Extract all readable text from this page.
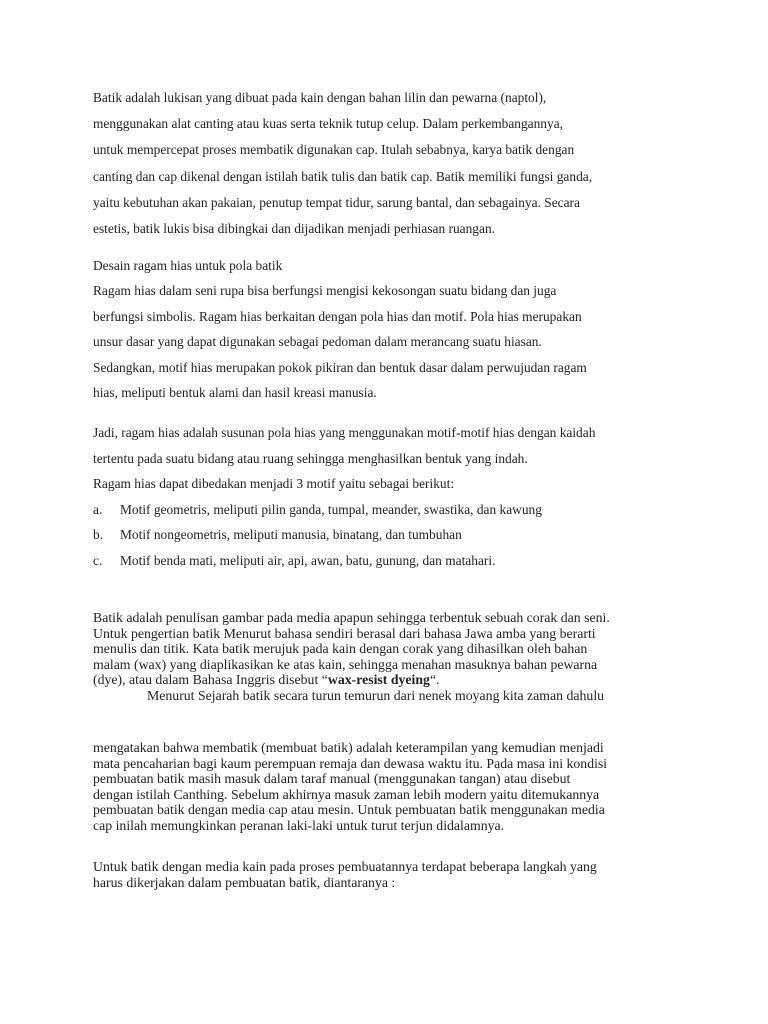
Batik adalah lukisan yang dibuat pada kain dengan bahan lilin dan pewarna (naptol),
menggunakan alat canting atau kuas serta teknik tutup celup. Dalam perkembangannya,
untuk mempercepat proses membatik digunakan cap. Itulah sebabnya, karya batik dengan
canting dan cap dikenal dengan istilah batik tulis dan batik cap. Batik memiliki fungsi ganda,
yaitu kebutuhan akan pakaian, penutup tempat tidur, sarung bantal, dan sebagainya. Secara
estetis, batik lukis bisa dibingkai dan dijadikan menjadi perhiasan ruangan.
Desain ragam hias untuk pola batik
Ragam hias dalam seni rupa bisa berfungsi mengisi kekosongan suatu bidang dan juga
berfungsi simbolis. Ragam hias berkaitan dengan pola hias dan motif. Pola hias merupakan
unsur dasar yang dapat digunakan sebagai pedoman dalam merancang suatu hiasan.
Sedangkan, motif hias merupakan pokok pikiran dan bentuk dasar dalam perwujudan ragam
hias, meliputi bentuk alami dan hasil kreasi manusia.
Jadi, ragam hias adalah susunan pola hias yang menggunakan motif-motif hias dengan kaidah
tertentu pada suatu bidang atau ruang sehingga menghasilkan bentuk yang indah.
Ragam hias dapat dibedakan menjadi 3 motif yaitu sebagai berikut:
a. Motif geometris, meliputi pilin ganda, tumpal, meander, swastika, dan kawung
b. Motif nongeometris, meliputi manusia, binatang, dan tumbuhan
c. Motif benda mati, meliputi air, api, awan, batu, gunung, dan matahari.
Batik adalah penulisan gambar pada media apapun sehingga terbentuk sebuah corak dan seni.
Untuk pengertian batik Menurut bahasa sendiri berasal dari bahasa Jawa amba yang berarti
menulis dan titik. Kata batik merujuk pada kain dengan corak yang dihasilkan oleh bahan
malam (wax) yang diaplikasikan ke atas kain, sehingga menahan masuknya bahan pewarna
(dye), atau dalam Bahasa Inggris disebut “wax-resist dyeing“.
Menurut Sejarah batik secara turun temurun dari nenek moyang kita zaman dahulu
mengatakan bahwa membatik (membuat batik) adalah keterampilan yang kemudian menjadi
mata pencaharian bagi kaum perempuan remaja dan dewasa waktu itu. Pada masa ini kondisi
pembuatan batik masih masuk dalam taraf manual (menggunakan tangan) atau disebut
dengan istilah Canthing. Sebelum akhirnya masuk zaman lebih modern yaitu ditemukannya
pembuatan batik dengan media cap atau mesin. Untuk pembuatan batik menggunakan media
cap inilah memungkinkan peranan laki-laki untuk turut terjun didalamnya.
Untuk batik dengan media kain pada proses pembuatannya terdapat beberapa langkah yang
harus dikerjakan dalam pembuatan batik, diantaranya :
